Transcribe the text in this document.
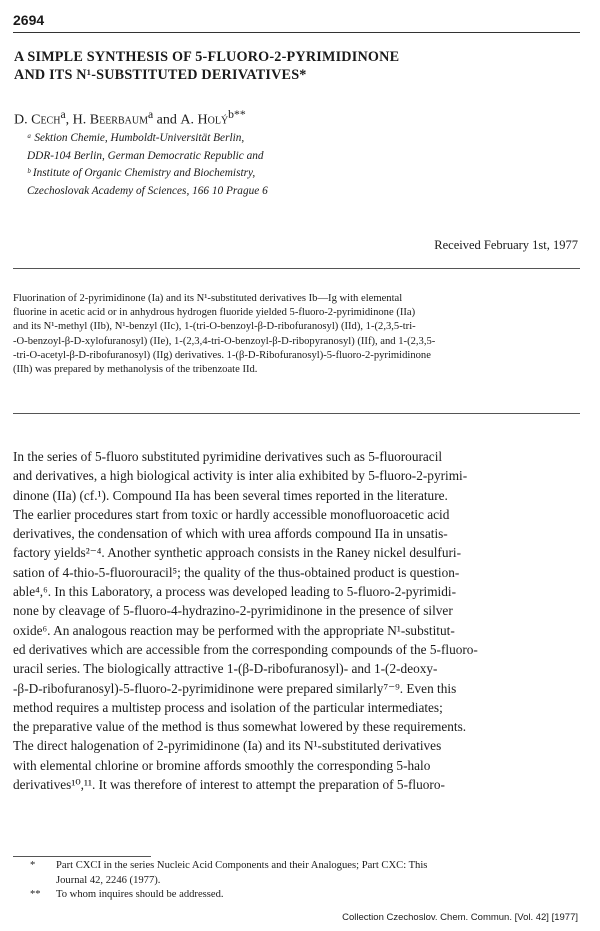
2694
A SIMPLE SYNTHESIS OF 5-FLUORO-2-PYRIMIDINONE
AND ITS N¹-SUBSTITUTED DERIVATIVES*
D. Cech$^a$, H. Beerbaum$^a$ and A. Holý$^{b**}$
ᵃ Sektion Chemie, Humboldt-Universität Berlin,
DDR-104 Berlin, German Democratic Republic and
ᵇ Institute of Organic Chemistry and Biochemistry,
Czechoslovak Academy of Sciences, 166 10 Prague 6
Received February 1st, 1977
Fluorination of 2-pyrimidinone (Ia) and its N¹-substituted derivatives Ib—Ig with elemental
fluorine in acetic acid or in anhydrous hydrogen fluoride yielded 5-fluoro-2-pyrimidinone (IIa)
and its N¹-methyl (IIb), N¹-benzyl (IIc), 1-(tri-O-benzoyl-β-D-ribofuranosyl) (IId), 1-(2,3,5-tri-
-O-benzoyl-β-D-xylofuranosyl) (IIe), 1-(2,3,4-tri-O-benzoyl-β-D-ribopyranosyl) (IIf), and 1-(2,3,5-
-tri-O-acetyl-β-D-ribofuranosyl) (IIg) derivatives. 1-(β-D-Ribofuranosyl)-5-fluoro-2-pyrimidinone
(IIh) was prepared by methanolysis of the tribenzoate IId.
In the series of 5-fluoro substituted pyrimidine derivatives such as 5-fluorouracil
and derivatives, a high biological activity is inter alia exhibited by 5-fluoro-2-pyrimi-
dinone (IIa) (cf.¹). Compound IIa has been several times reported in the literature.
The earlier procedures start from toxic or hardly accessible monofluoroacetic acid
derivatives, the condensation of which with urea affords compound IIa in unsatis-
factory yields²⁻⁴. Another synthetic approach consists in the Raney nickel desulfuri-
sation of 4-thio-5-fluorouracil⁵; the quality of the thus-obtained product is question-
able⁴,⁶. In this Laboratory, a process was developed leading to 5-fluoro-2-pyrimidi-
none by cleavage of 5-fluoro-4-hydrazino-2-pyrimidinone in the presence of silver
oxide⁶. An analogous reaction may be performed with the appropriate N¹-substitut-
ed derivatives which are accessible from the corresponding compounds of the 5-fluoro-
uracil series. The biologically attractive 1-(β-D-ribofuranosyl)- and 1-(2-deoxy-
-β-D-ribofuranosyl)-5-fluoro-2-pyrimidinone were prepared similarly⁷⁻⁹. Even this
method requires a multistep process and isolation of the particular intermediates;
the preparative value of the method is thus somewhat lowered by these requirements.
The direct halogenation of 2-pyrimidinone (Ia) and its N¹-substituted derivatives
with elemental chlorine or bromine affords smoothly the corresponding 5-halo
derivatives¹⁰,¹¹. It was therefore of interest to attempt the preparation of 5-fluoro-
*	Part CXCI in the series Nucleic Acid Components and their Analogues; Part CXC: This
Journal 42, 2246 (1977).
**	To whom inquires should be addressed.
Collection Czechoslov. Chem. Commun. [Vol. 42] [1977]
